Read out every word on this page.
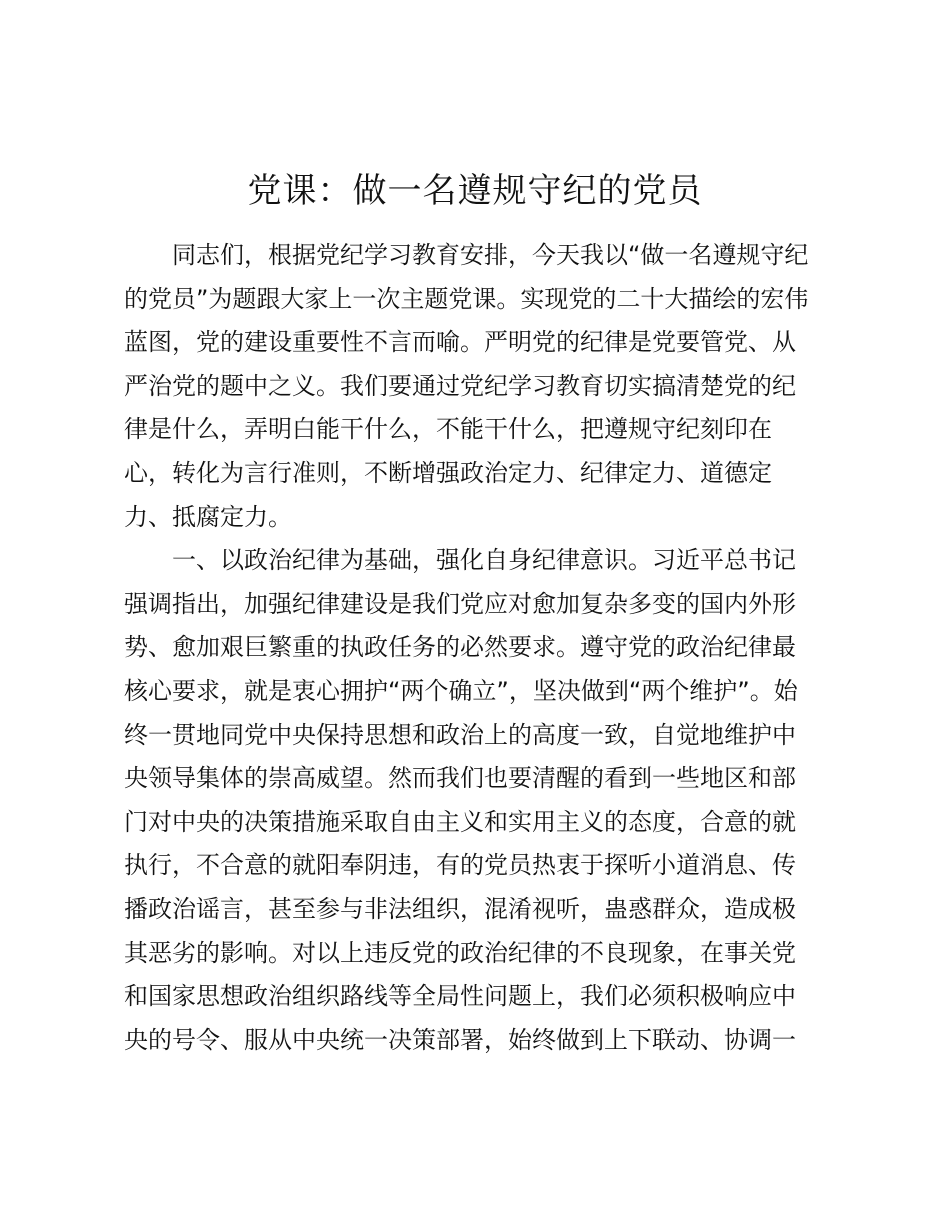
党课：做一名遵规守纪的党员
同志们，根据党纪学习教育安排，今天我以“做一名遵规守纪
的党员”为题跟大家上一次主题党课。实现党的二十大描绘的宏伟
蓝图，党的建设重要性不言而喻。严明党的纪律是党要管党、从
严治党的题中之义。我们要通过党纪学习教育切实搞清楚党的纪
律是什么，弄明白能干什么，不能干什么，把遵规守纪刻印在
心，转化为言行准则，不断增强政治定力、纪律定力、道德定
力、抵腐定力。
一、以政治纪律为基础，强化自身纪律意识。习近平总书记
强调指出，加强纪律建设是我们党应对愈加复杂多变的国内外形
势、愈加艰巨繁重的执政任务的必然要求。遵守党的政治纪律最
核心要求，就是衷心拥护“两个确立”，坚决做到“两个维护”。始
终一贯地同党中央保持思想和政治上的高度一致，自觉地维护中
央领导集体的崇高威望。然而我们也要清醒的看到一些地区和部
门对中央的决策措施采取自由主义和实用主义的态度，合意的就
执行，不合意的就阳奉阴违，有的党员热衷于探听小道消息、传
播政治谣言，甚至参与非法组织，混淆视听，蛊惑群众，造成极
其恶劣的影响。对以上违反党的政治纪律的不良现象，在事关党
和国家思想政治组织路线等全局性问题上，我们必须积极响应中
央的号令、服从中央统一决策部署，始终做到上下联动、协调一
